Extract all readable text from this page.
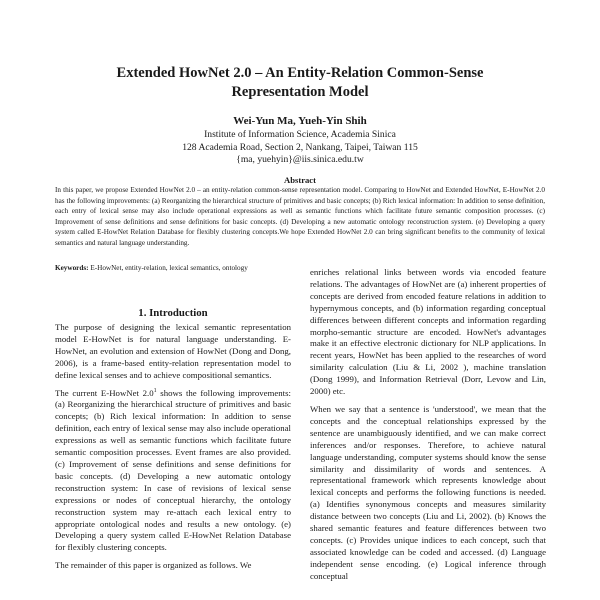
Extended HowNet 2.0 – An Entity-Relation Common-Sense
Representation Model
Wei-Yun Ma, Yueh-Yin Shih
Institute of Information Science, Academia Sinica
128 Academia Road, Section 2, Nankang, Taipei, Taiwan 115
{ma, yuehyin}@iis.sinica.edu.tw
Abstract
In this paper, we propose Extended HowNet 2.0 – an entity-relation common-sense representation model. Comparing to HowNet and Extended HowNet, E-HowNet 2.0 has the following improvements: (a) Reorganizing the hierarchical structure of primitives and basic concepts; (b) Rich lexical information: In addition to sense definition, each entry of lexical sense may also include operational expressions as well as semantic functions which facilitate future semantic composition processes. (c) Improvement of sense definitions and sense definitions for basic concepts. (d) Developing a new automatic ontology reconstruction system. (e) Developing a query system called E-HowNet Relation Database for flexibly clustering concepts.We hope Extended HowNet 2.0 can bring significant benefits to the community of lexical semantics and natural language understanding.
Keywords: E-HowNet, entity-relation, lexical semantics, ontology
1. Introduction

The purpose of designing the lexical semantic representation model E-HowNet is for natural language understanding. E-HowNet, an evolution and extension of HowNet (Dong and Dong, 2006), is a frame-based entity-relation representation model to define lexical senses and to achieve compositional semantics.

The current E-HowNet $2.0^1$ shows the following improvements: (a) Reorganizing the hierarchical structure of primitives and basic concepts; (b) Rich lexical information: In addition to sense definition, each entry of lexical sense may also include operational expressions as well as semantic functions which facilitate future semantic composition processes. Event frames are also provided. (c) Improvement of sense definitions and sense definitions for basic concepts. (d) Developing a new automatic ontology reconstruction system: In case of revisions of lexical sense expressions or nodes of conceptual hierarchy, the ontology reconstruction system may re-attach each lexical entry to appropriate ontological nodes and results a new ontology. (e) Developing a query system called E-HowNet Relation Database for flexibly clustering concepts.

The remainder of this paper is organized as follows. We

enriches relational links between words via encoded feature relations. The advantages of HowNet are (a) inherent properties of concepts are derived from encoded feature relations in addition to hypernymous concepts, and (b) information regarding conceptual differences between different concepts and information regarding morpho-semantic structure are encoded. HowNet's advantages make it an effective electronic dictionary for NLP applications. In recent years, HowNet has been applied to the researches of word similarity calculation (Liu & Li, 2002 ), machine translation (Dong 1999), and Information Retrieval (Dorr, Levow and Lin, 2000) etc.

When we say that a sentence is 'understood', we mean that the concepts and the conceptual relationships expressed by the sentence are unambiguously identified, and we can make correct inferences and/or responses. Therefore, to achieve natural language understanding, computer systems should know the sense similarity and dissimilarity of words and sentences. A representational framework which represents knowledge about lexical concepts and performs the following functions is needed. (a) Identifies synonymous concepts and measures similarity distance between two concepts (Liu and Li, 2002). (b) Knows the shared semantic features and feature differences between two concepts. (c) Provides unique indices to each concept, such that associated knowledge can be coded and accessed. (d) Language independent sense encoding. (e) Logical inference through conceptual
